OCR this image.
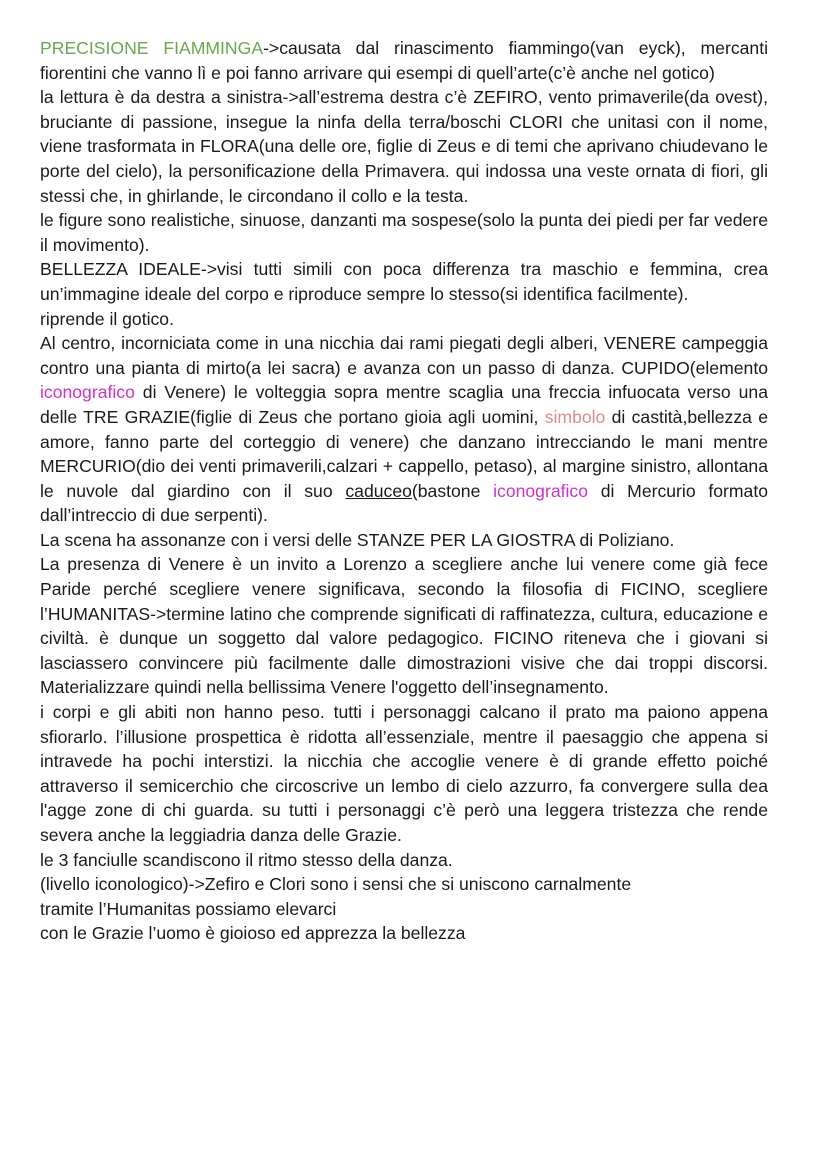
PRECISIONE FIAMMINGA->causata dal rinascimento fiammingo(van eyck), mercanti fiorentini che vanno lì e poi fanno arrivare qui esempi di quell’arte(c’è anche nel gotico)

la lettura è da destra a sinistra->all’estrema destra c’è ZEFIRO, vento primaverile(da ovest), bruciante di passione, insegue la ninfa della terra/boschi CLORI che unitasi con il nome, viene trasformata in FLORA(una delle ore, figlie di Zeus e di temi che aprivano chiudevano le porte del cielo), la personificazione della Primavera. qui indossa una veste ornata di fiori, gli stessi che, in ghirlande, le circondano il collo e la testa.

le figure sono realistiche, sinuose, danzanti ma sospese(solo la punta dei piedi per far vedere il movimento).

BELLEZZA IDEALE->visi tutti simili con poca differenza tra maschio e femmina, crea un’immagine ideale del corpo e riproduce sempre lo stesso(si identifica facilmente).

riprende il gotico.

Al centro, incorniciata come in una nicchia dai rami piegati degli alberi, VENERE campeggia contro una pianta di mirto(a lei sacra) e avanza con un passo di danza. CUPIDO(elemento iconografico di Venere) le volteggia sopra mentre scaglia una freccia infuocata verso una delle TRE GRAZIE(figlie di Zeus che portano gioia agli uomini, simbolo di castità,bellezza e amore, fanno parte del corteggio di venere) che danzano intrecciando le mani mentre MERCURIO(dio dei venti primaverili,calzari + cappello, petaso), al margine sinistro, allontana le nuvole dal giardino con il suo caduceo(bastone iconografico di Mercurio formato dall’intreccio di due serpenti).

La scena ha assonanze con i versi delle STANZE PER LA GIOSTRA di Poliziano.

La presenza di Venere è un invito a Lorenzo a scegliere anche lui venere come già fece Paride perché scegliere venere significava, secondo la filosofia di FICINO, scegliere l’HUMANITAS->termine latino che comprende significati di raffinatezza, cultura, educazione e civiltà. è dunque un soggetto dal valore pedagogico. FICINO riteneva che i giovani si lasciassero convincere più facilmente dalle dimostrazioni visive che dai troppi discorsi. Materializzare quindi nella bellissima Venere l'oggetto dell’insegnamento.

i corpi e gli abiti non hanno peso. tutti i personaggi calcano il prato ma paiono appena sfiorarlo. l’illusione prospettica è ridotta all’essenziale, mentre il paesaggio che appena si intravede ha pochi interstizi. la nicchia che accoglie venere è di grande effetto poiché attraverso il semicerchio che circoscrive un lembo di cielo azzurro, fa convergere sulla dea l'agge zone di chi guarda. su tutti i personaggi c’è però una leggera tristezza che rende severa anche la leggiadria danza delle Grazie.

le 3 fanciulle scandiscono il ritmo stesso della danza.

(livello iconologico)->Zefiro e Clori sono i sensi che si uniscono carnalmente

tramite l’Humanitas possiamo elevarci

con le Grazie l’uomo è gioioso ed apprezza la bellezza
